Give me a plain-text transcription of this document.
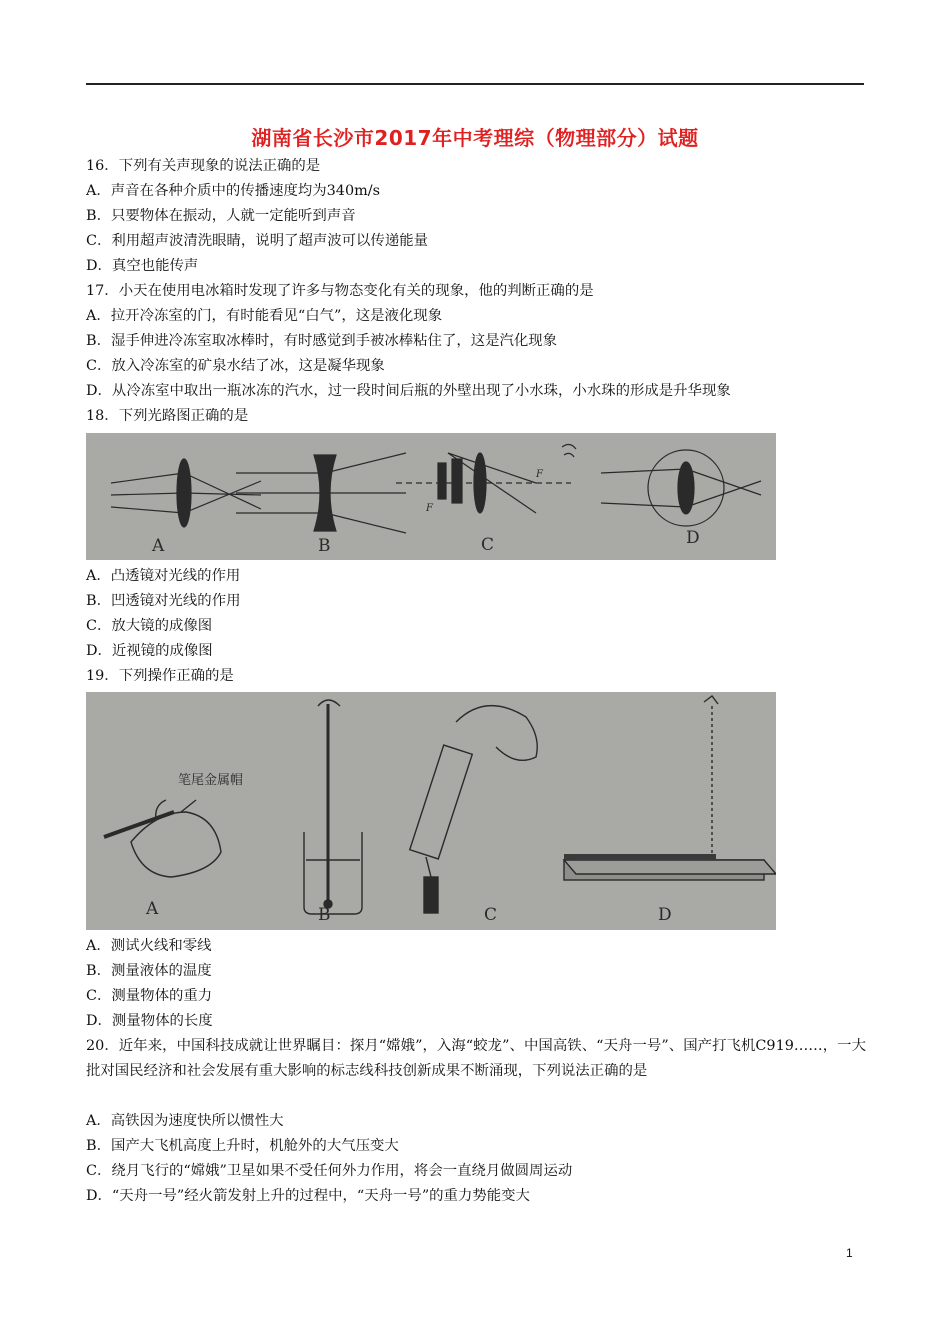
湖南省长沙市2017年中考理综（物理部分）试题
16．下列有关声现象的说法正确的是
A．声音在各种介质中的传播速度均为340m/s
B．只要物体在振动，人就一定能听到声音
C．利用超声波清洗眼睛，说明了超声波可以传递能量
D．真空也能传声
17．小天在使用电冰箱时发现了许多与物态变化有关的现象，他的判断正确的是
A．拉开冷冻室的门，有时能看见“白气”，这是液化现象
B．湿手伸进冷冻室取冰棒时，有时感觉到手被冰棒粘住了，这是汽化现象
C．放入冷冻室的矿泉水结了冰，这是凝华现象
D．从冷冻室中取出一瓶冰冻的汽水，过一段时间后瓶的外壁出现了小水珠，小水珠的形成是升华现象
18．下列光路图正确的是
A	B	C	D
F
F
A．凸透镜对光线的作用
B．凹透镜对光线的作用
C．放大镜的成像图
D．近视镜的成像图
19．下列操作正确的是
笔尾金属帽
A	B	C	D
A．测试火线和零线
B．测量液体的温度
C．测量物体的重力
D．测量物体的长度
20．近年来，中国科技成就让世界瞩目：探月“嫦娥”，入海“蛟龙”、中国高铁、“天舟一号”、国产打飞机C919……，一大批对国民经济和社会发展有重大影响的标志线科技创新成果不断涌现，下列说法正确的是
A．高铁因为速度快所以惯性大
B．国产大飞机高度上升时，机舱外的大气压变大
C．绕月飞行的“嫦娥”卫星如果不受任何外力作用，将会一直绕月做圆周运动
D．“天舟一号”经火箭发射上升的过程中，“天舟一号”的重力势能变大
1
